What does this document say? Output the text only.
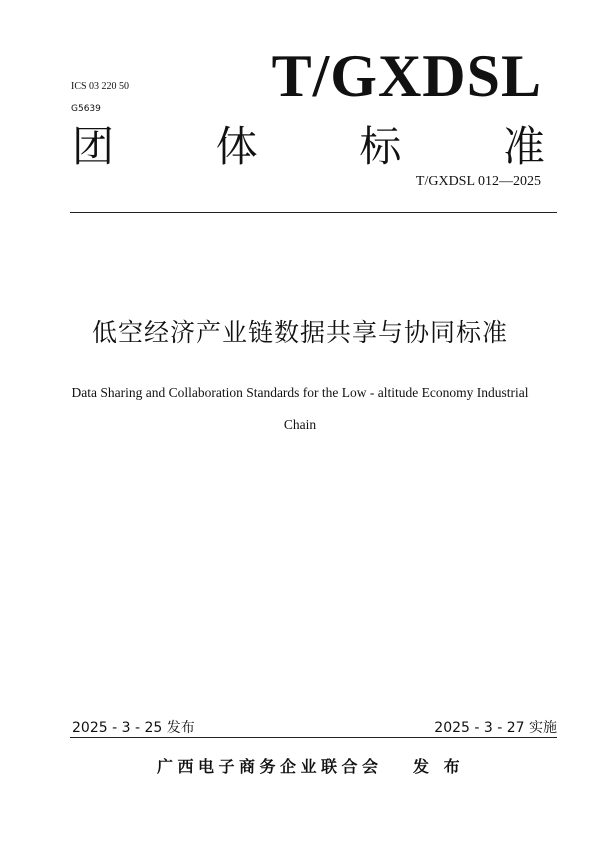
ICS 03 220 50
G5639	T/GXDSL
团 体 标 准
T/GXDSL 012—2025
低空经济产业链数据共享与协同标准
Data Sharing and Collaboration Standards for the Low - altitude Economy Industrial
Chain
2025 - 3 - 25 发布	2025 - 3 - 27 实施
广西电子商务企业联合会 发 布
